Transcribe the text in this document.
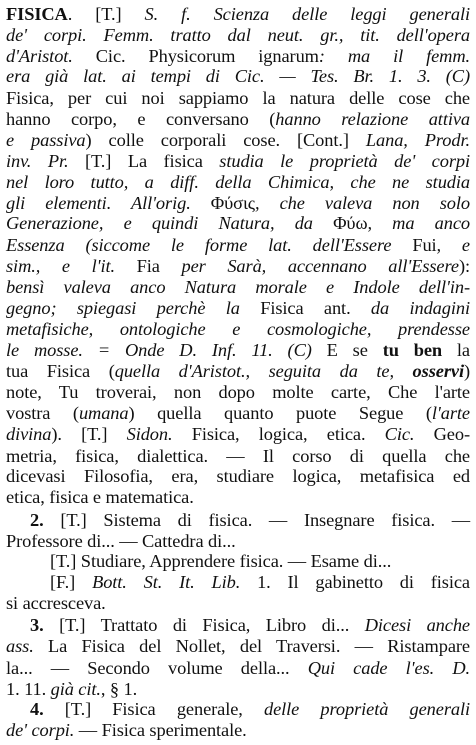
FISICA. [T.] S. f. Scienza delle leggi generali
de' corpi. Femm. tratto dal neut. gr., tit. dell'opera
d'Aristot. Cic. Physicorum ignarum: ma il femm.
era già lat. ai tempi di Cic. — Tes. Br. 1. 3. (C)
Fisica, per cui noi sappiamo la natura delle cose che
hanno corpo, e conversano (hanno relazione attiva
e passiva) colle corporali cose. [Cont.] Lana, Prodr.
inv. Pr. [T.] La fisica studia le proprietà de' corpi
nel loro tutto, a diff. della Chimica, che ne studia
gli elementi. All'orig. Φύσις, che valeva non solo
Generazione, e quindi Natura, da Φύω, ma anco
Essenza (siccome le forme lat. dell'Essere Fui, e
sim., e l'it. Fia per Sarà, accennano all'Essere):
bensì valeva anco Natura morale e Indole dell'in-
gegno; spiegasi perchè la Fisica ant. da indagini
metafisiche, ontologiche e cosmologiche, prendesse
le mosse. = Onde D. Inf. 11. (C) E se tu ben la
tua Fisica (quella d'Aristot., seguita da te, osservi)
note, Tu troverai, non dopo molte carte, Che l'arte
vostra (umana) quella quanto puote Segue (l'arte
divina). [T.] Sidon. Fisica, logica, etica. Cic. Geo-
metria, fisica, dialettica. — Il corso di quella che
dicevasi Filosofia, era, studiare logica, metafisica ed
etica, fisica e matematica.
2. [T.] Sistema di fisica. — Insegnare fisica. —
Professore di... — Cattedra di...
[T.] Studiare, Apprendere fisica. — Esame di...
[F.] Bott. St. It. Lib. 1. Il gabinetto di fisica
si accresceva.
3. [T.] Trattato di Fisica, Libro di... Dicesi anche
ass. La Fisica del Nollet, del Traversi. — Ristampare
la... — Secondo volume della... Qui cade l'es. D.
1. 11. già cit., § 1.
4. [T.] Fisica generale, delle proprietà generali
de' corpi. — Fisica sperimentale.
